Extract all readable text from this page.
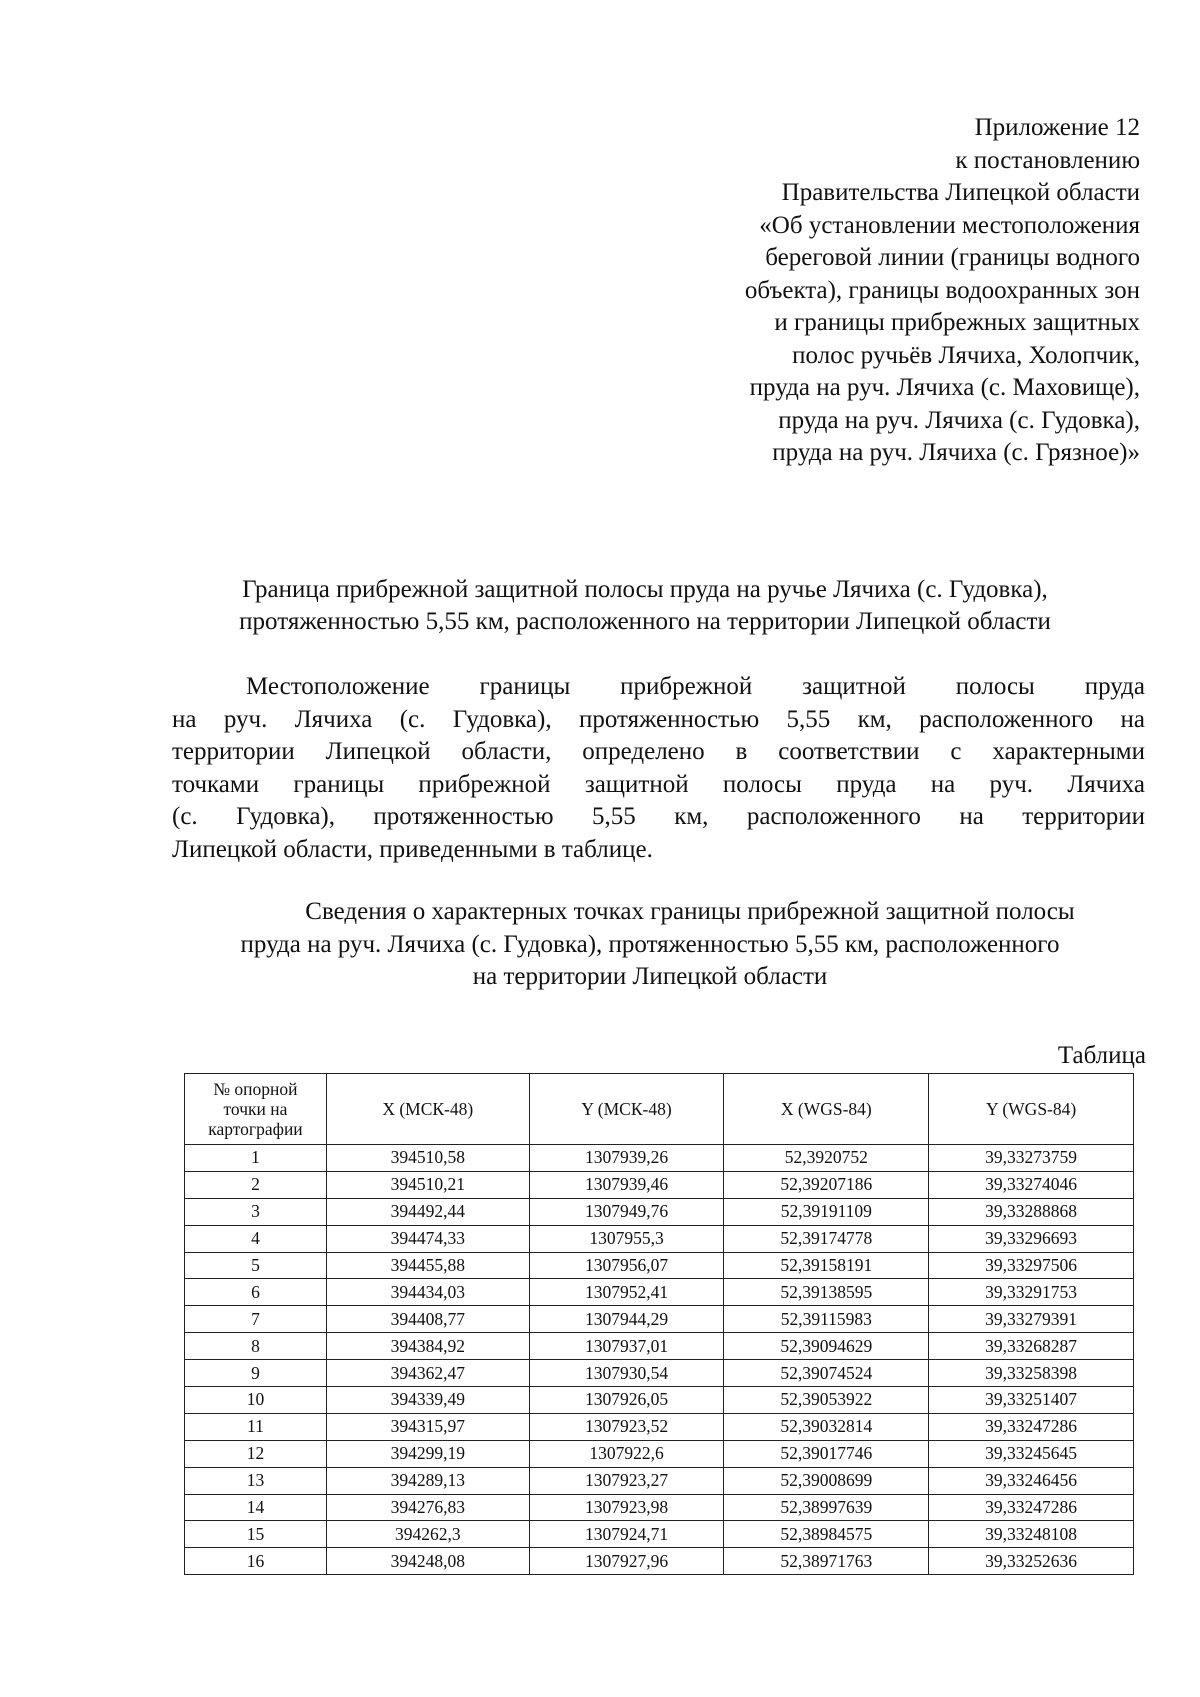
Приложение 12
к постановлению
Правительства Липецкой области
«Об установлении местоположения
береговой линии (границы водного
объекта), границы водоохранных зон
и границы прибрежных защитных
полос ручьёв Лячиха, Холопчик,
пруда на руч. Лячиха (с. Маховище),
пруда на руч. Лячиха (с. Гудовка),
пруда на руч. Лячиха (с. Грязное)»
Граница прибрежной защитной полосы пруда на ручье Лячиха (с. Гудовка),
протяженностью 5,55 км, расположенного на территории Липецкой области
Местоположение границы прибрежной защитной полосы пруда
на руч. Лячиха (с. Гудовка), протяженностью 5,55 км, расположенного на
территории Липецкой области, определено в соответствии с характерными
точками границы прибрежной защитной полосы пруда на руч. Лячиха
(с. Гудовка), протяженностью 5,55 км, расположенного на территории
Липецкой области, приведенными в таблице.
Сведения о характерных точках границы прибрежной защитной полосы
пруда на руч. Лячиха (с. Гудовка), протяженностью 5,55 км, расположенного
на территории Липецкой области
Таблица
№ опорной
точки на
картографии	X (МСК-48)	Y (МСК-48)	X (WGS-84)	Y (WGS-84)
1	394510,58	1307939,26	52,3920752	39,33273759
2	394510,21	1307939,46	52,39207186	39,33274046
3	394492,44	1307949,76	52,39191109	39,33288868
4	394474,33	1307955,3	52,39174778	39,33296693
5	394455,88	1307956,07	52,39158191	39,33297506
6	394434,03	1307952,41	52,39138595	39,33291753
7	394408,77	1307944,29	52,39115983	39,33279391
8	394384,92	1307937,01	52,39094629	39,33268287
9	394362,47	1307930,54	52,39074524	39,33258398
10	394339,49	1307926,05	52,39053922	39,33251407
11	394315,97	1307923,52	52,39032814	39,33247286
12	394299,19	1307922,6	52,39017746	39,33245645
13	394289,13	1307923,27	52,39008699	39,33246456
14	394276,83	1307923,98	52,38997639	39,33247286
15	394262,3	1307924,71	52,38984575	39,33248108
16	394248,08	1307927,96	52,38971763	39,33252636
